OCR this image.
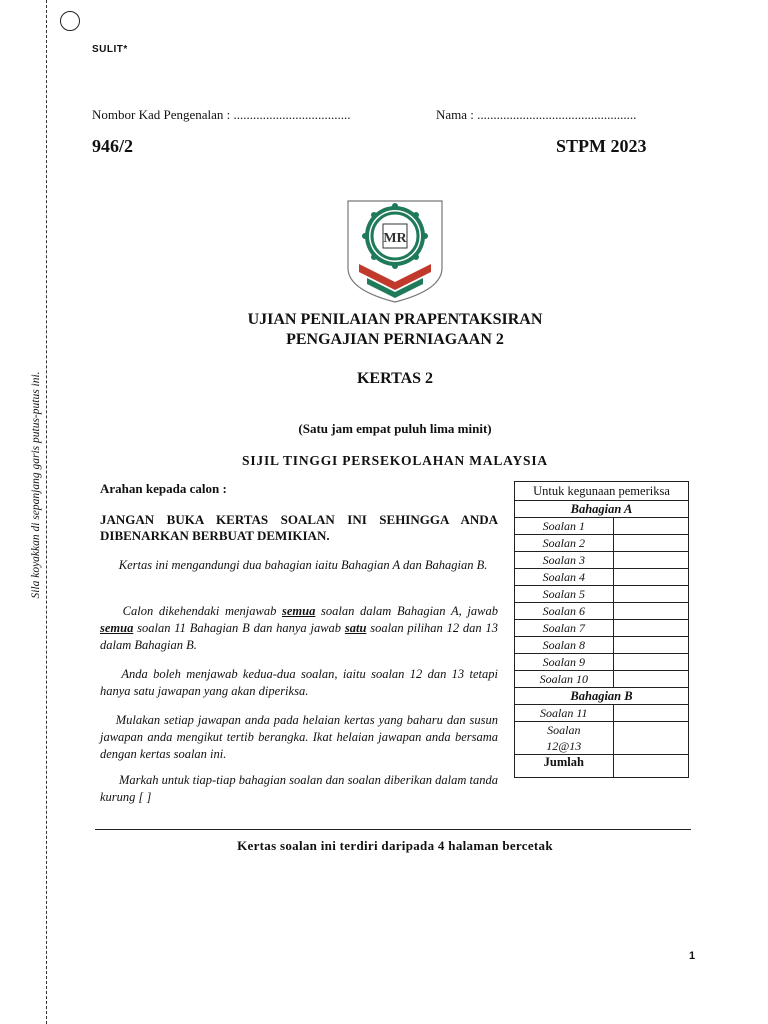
Sila koyakkan di sepanjang garis putus-putus ini.
SULIT*
Nombor Kad Pengenalan : ....................................	Nama : .................................................
946/2	STPM 2023
MR
UJIAN PENILAIAN PRAPENTAKSIRAN
PENGAJIAN PERNIAGAAN 2
KERTAS 2
(Satu jam empat puluh lima minit)
SIJIL TINGGI PERSEKOLAHAN MALAYSIA
Arahan kepada calon :
JANGAN BUKA KERTAS SOALAN INI SEHINGGA ANDA DIBENARKAN BERBUAT DEMIKIAN.
Kertas ini mengandungi dua bahagian iaitu Bahagian A dan Bahagian B.
Calon dikehendaki menjawab semua soalan dalam Bahagian A, jawab semua soalan 11 Bahagian B dan hanya jawab satu soalan pilihan 12 dan 13 dalam Bahagian B.
Anda boleh menjawab kedua-dua soalan, iaitu soalan 12 dan 13 tetapi hanya satu jawapan yang akan diperiksa.
Mulakan setiap jawapan anda pada helaian kertas yang baharu dan susun jawapan anda mengikut tertib berangka. Ikat helaian jawapan anda bersama dengan kertas soalan ini.
Markah untuk tiap-tiap bahagian soalan dan soalan diberikan dalam tanda kurung [ ]
Untuk kegunaan pemeriksa	
Bahagian A	
Soalan 1	
Soalan 2	
Soalan 3	
Soalan 4	
Soalan 5	
Soalan 6	
Soalan 7	
Soalan 8	
Soalan 9	
Soalan 10	
Bahagian B	
Soalan 11	
Soalan
12@13	
Jumlah	
Kertas soalan ini terdiri daripada 4 halaman bercetak
1
